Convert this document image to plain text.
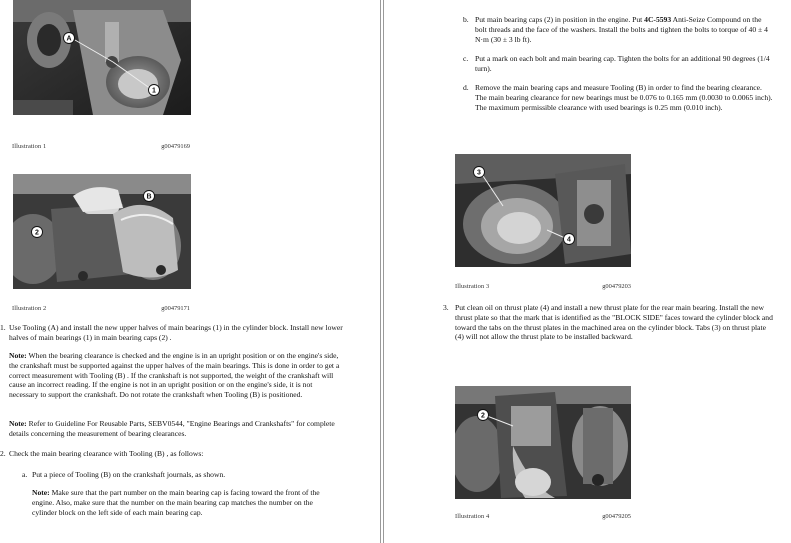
A
1
Illustration 1	g00479169
B
2
Illustration 2	g00479171
1. Use Tooling (A) and install the new upper halves of main bearings (1) in the cylinder block. Install new lower halves of main bearings (1) in main bearing caps (2) .
Note: When the bearing clearance is checked and the engine is in an upright position or on the engine's side, the crankshaft must be supported against the upper halves of the main bearings. This is done in order to get a correct measurement with Tooling (B) . If the crankshaft is not supported, the weight of the crankshaft will cause an incorrect reading. If the engine is not in an upright position or on the engine's side, it is not necessary to support the crankshaft. Do not rotate the crankshaft when Tooling (B) is positioned.
Note: Refer to Guideline For Reusable Parts, SEBV0544, "Engine Bearings and Crankshafts" for complete details concerning the measurement of bearing clearances.
2. Check the main bearing clearance with Tooling (B) , as follows:
a. Put a piece of Tooling (B) on the crankshaft journals, as shown.
Note: Make sure that the part number on the main bearing cap is facing toward the front of the engine. Also, make sure that the number on the main bearing cap matches the number on the cylinder block on the left side of each main bearing cap.
b. Put main bearing caps (2) in position in the engine. Put 4C-5593 Anti-Seize Compound on the bolt threads and the face of the washers. Install the bolts and tighten the bolts to torque of 40 ± 4 N·m (30 ± 3 lb ft).
c. Put a mark on each bolt and main bearing cap. Tighten the bolts for an additional 90 degrees (1/4 turn).
d. Remove the main bearing caps and measure Tooling (B) in order to find the bearing clearance. The main bearing clearance for new bearings must be 0.076 to 0.165 mm (0.0030 to 0.0065 inch). The maximum permissible clearance with used bearings is 0.25 mm (0.010 inch).
3
4
Illustration 3	g00479203
3. Put clean oil on thrust plate (4) and install a new thrust plate for the rear main bearing. Install the new thrust plate so that the mark that is identified as the "BLOCK SIDE" faces toward the cylinder block and toward the tabs on the thrust plates in the machined area on the cylinder block. Tabs (3) on thrust plate (4) will not allow the thrust plate to be installed backward.
2
Illustration 4	g00479205
